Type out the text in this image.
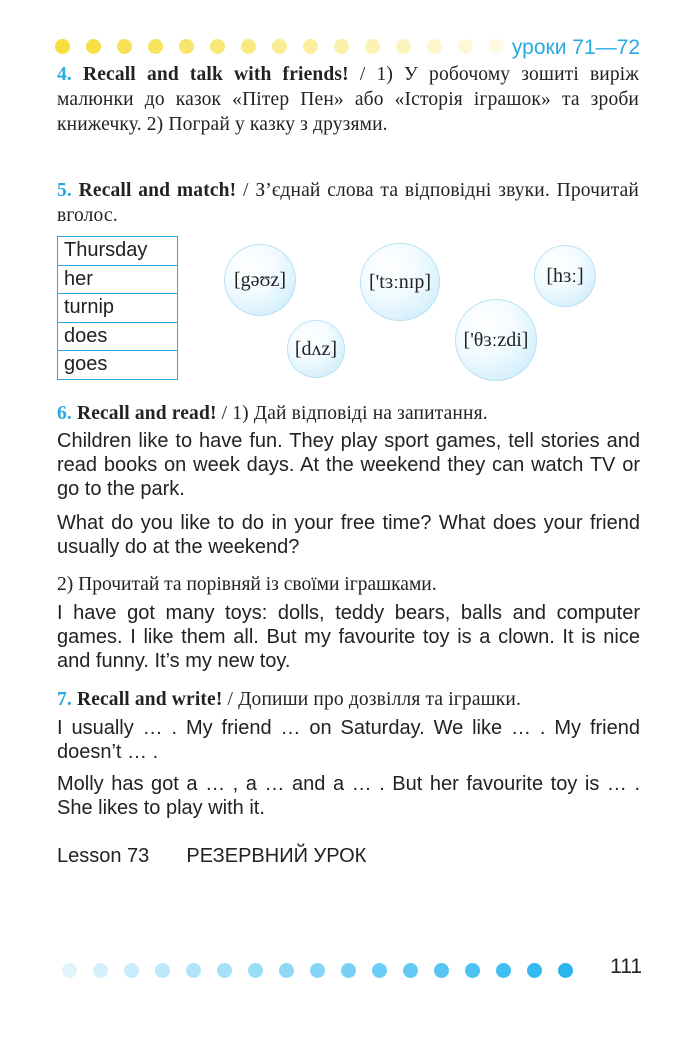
уроки 71—72
4. Recall and talk with friends! / 1) У робочому зошиті виріж малюнки до казок «Пітер Пен» або «Історія іграшок» та зроби книжечку. 2) Пограй у казку з друзями.
5. Recall and match! / З’єднай слова та відповідні звуки. Прочитай вголос.
Thursday
her
turnip
does
goes
[gəʊz]	['tɜːnɪp]	[hɜː]
[dʌz]	['θɜːzdi]
6. Recall and read! / 1) Дай відповіді на запитання.
Children like to have fun. They play sport games, tell stories and read books on week days. At the weekend they can watch TV or go to the park.
What do you like to do in your free time? What does your friend usually do at the weekend?
2) Прочитай та порівняй із своїми іграшками.
I have got many toys: dolls, teddy bears, balls and computer games. I like them all. But my favourite toy is a clown. It is nice and funny. It’s my new toy.
7. Recall and write! / Допиши про дозвілля та іграшки.
I usually … . My friend … on Saturday. We like … . My friend doesn’t … .
Molly has got a … , a … and a … . But her favourite toy is … . She likes to play with it.
Lesson 73 РЕЗЕРВНИЙ УРОК
111
